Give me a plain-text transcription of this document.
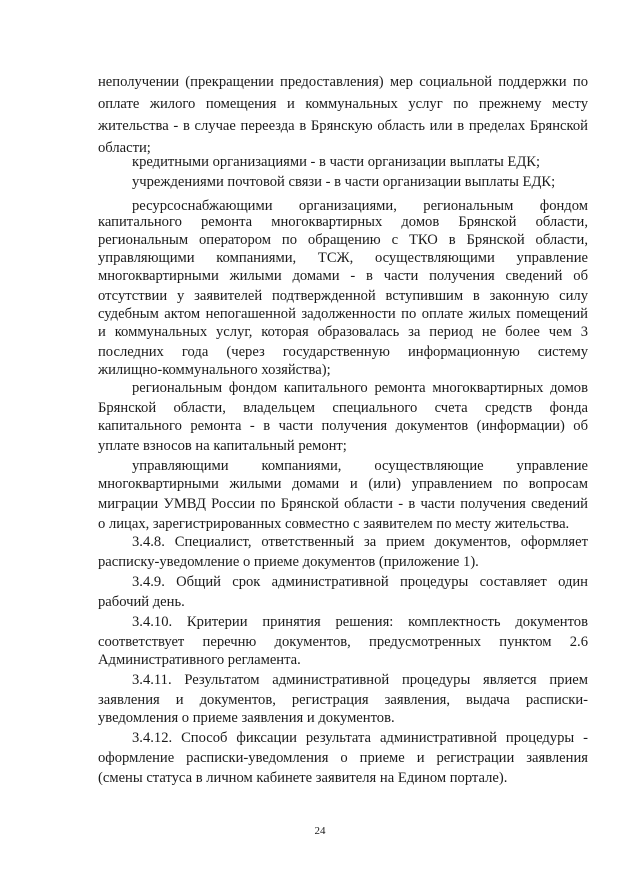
неполучении (прекращении предоставления) мер социальной поддержки по
оплате жилого помещения и коммунальных услуг по прежнему месту
жительства - в случае переезда в Брянскую область или в пределах Брянской
области;
кредитными организациями - в части организации выплаты ЕДК;
учреждениями почтовой связи - в части организации выплаты ЕДК;
ресурсоснабжающими организациями, региональным фондом
капитального ремонта многоквартирных домов Брянской области,
региональным оператором по обращению с ТКО в Брянской области,
управляющими компаниями, ТСЖ, осуществляющими управление
многоквартирными жилыми домами - в части получения сведений об
отсутствии у заявителей подтвержденной вступившим в законную силу
судебным актом непогашенной задолженности по оплате жилых помещений
и коммунальных услуг, которая образовалась за период не более чем 3
последних года (через государственную информационную систему
жилищно-коммунального хозяйства);
региональным фондом капитального ремонта многоквартирных домов
Брянской области, владельцем специального счета средств фонда
капитального ремонта - в части получения документов (информации) об
уплате взносов на капитальный ремонт;
управляющими компаниями, осуществляющие управление
многоквартирными жилыми домами и (или) управлением по вопросам
миграции УМВД России по Брянской области - в части получения сведений
о лицах, зарегистрированных совместно с заявителем по месту жительства.
3.4.8. Специалист, ответственный за прием документов, оформляет
расписку-уведомление о приеме документов (приложение 1).
3.4.9. Общий срок административной процедуры составляет один
рабочий день.
3.4.10. Критерии принятия решения: комплектность документов
соответствует перечню документов, предусмотренных пунктом 2.6
Административного регламента.
3.4.11. Результатом административной процедуры является прием
заявления и документов, регистрация заявления, выдача расписки-
уведомления о приеме заявления и документов.
3.4.12. Способ фиксации результата административной процедуры -
оформление расписки-уведомления о приеме и регистрации заявления
(смены статуса в личном кабинете заявителя на Едином портале).
24
